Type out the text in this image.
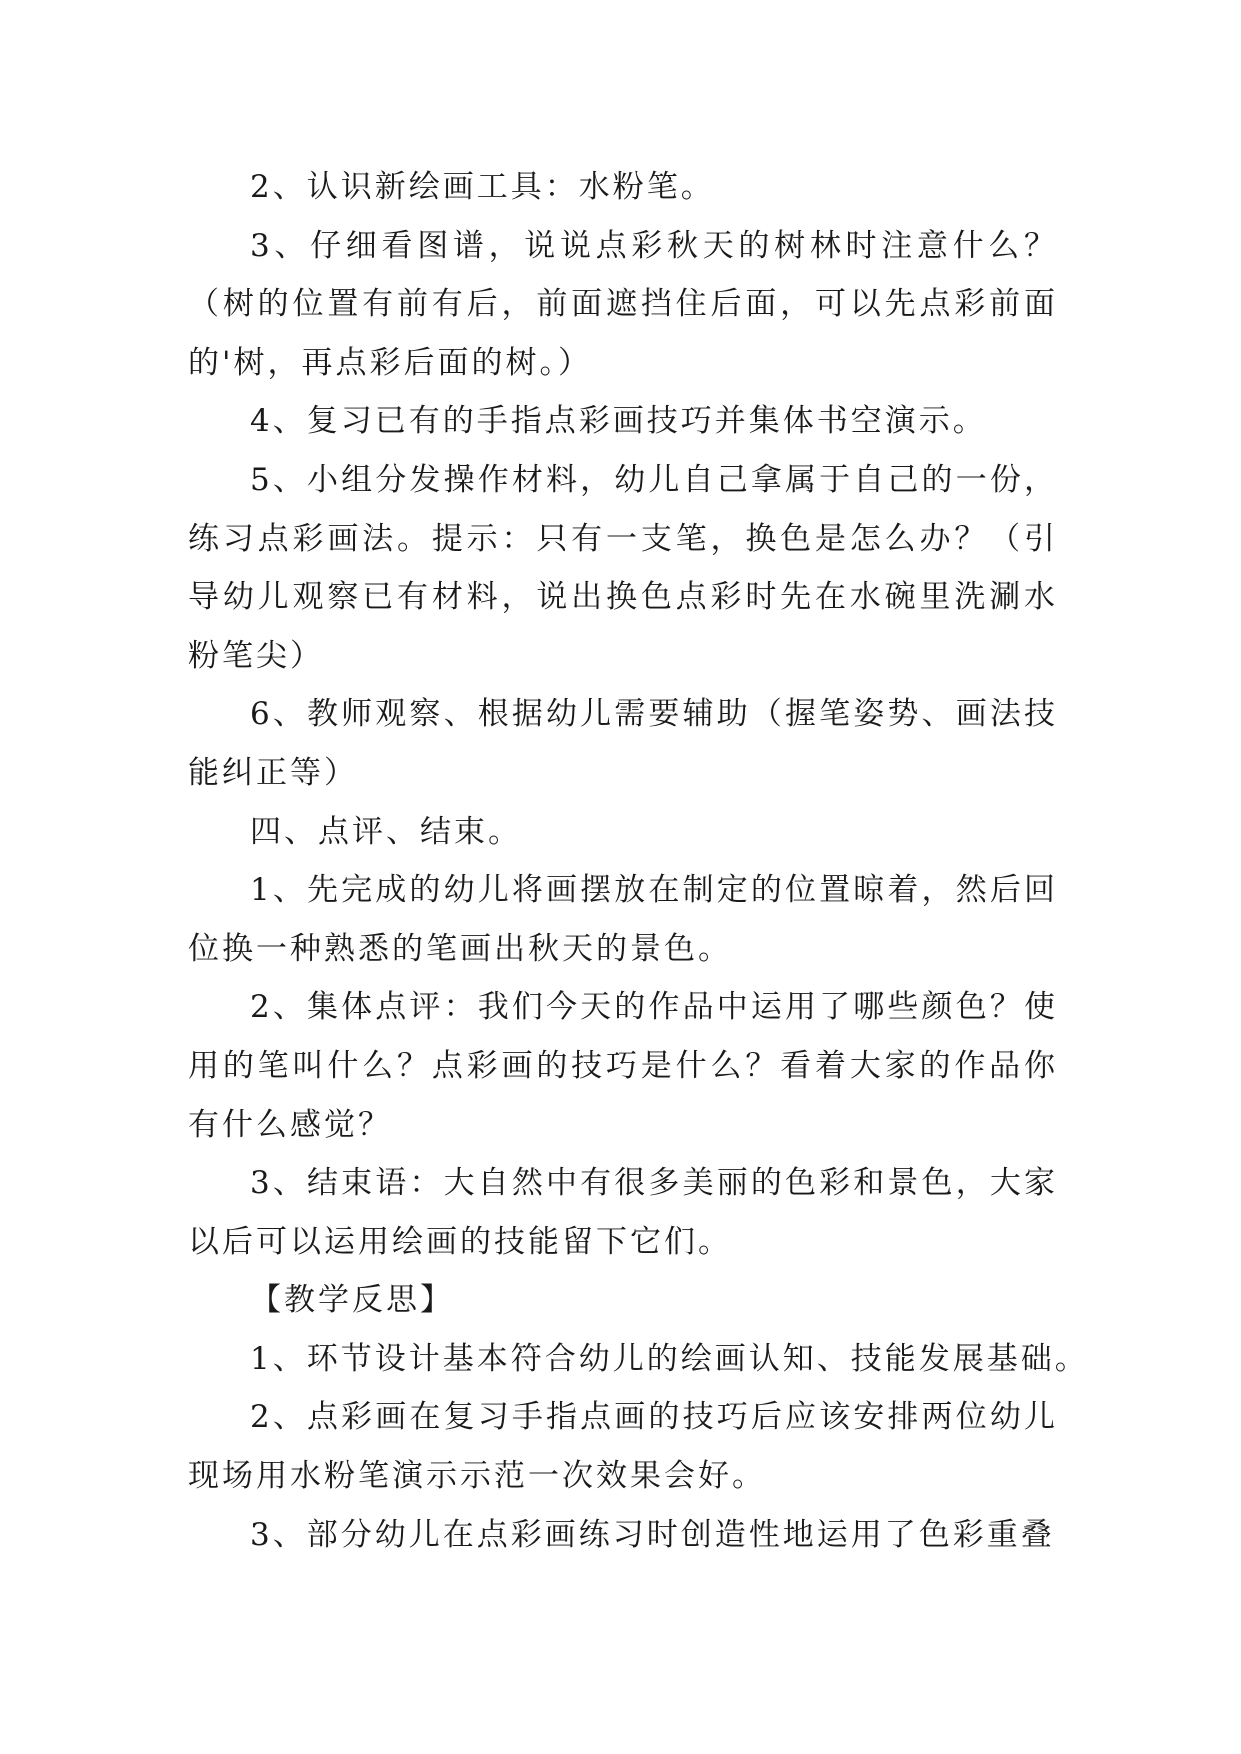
2、认识新绘画工具：水粉笔。

3、仔细看图谱，说说点彩秋天的树林时注意什么？（树的位置有前有后，前面遮挡住后面，可以先点彩前面的'树，再点彩后面的树。）

4、复习已有的手指点彩画技巧并集体书空演示。

5、小组分发操作材料，幼儿自己拿属于自己的一份，练习点彩画法。提示：只有一支笔，换色是怎么办？（引导幼儿观察已有材料，说出换色点彩时先在水碗里洗涮水粉笔尖）

6、教师观察、根据幼儿需要辅助（握笔姿势、画法技能纠正等）

四、点评、结束。

1、先完成的幼儿将画摆放在制定的位置晾着，然后回位换一种熟悉的笔画出秋天的景色。

2、集体点评：我们今天的作品中运用了哪些颜色？使用的笔叫什么？点彩画的技巧是什么？看着大家的作品你有什么感觉？

3、结束语：大自然中有很多美丽的色彩和景色，大家以后可以运用绘画的技能留下它们。

【教学反思】

1、环节设计基本符合幼儿的绘画认知、技能发展基础。

2、点彩画在复习手指点画的技巧后应该安排两位幼儿现场用水粉笔演示示范一次效果会好。

3、部分幼儿在点彩画练习时创造性地运用了色彩重叠
